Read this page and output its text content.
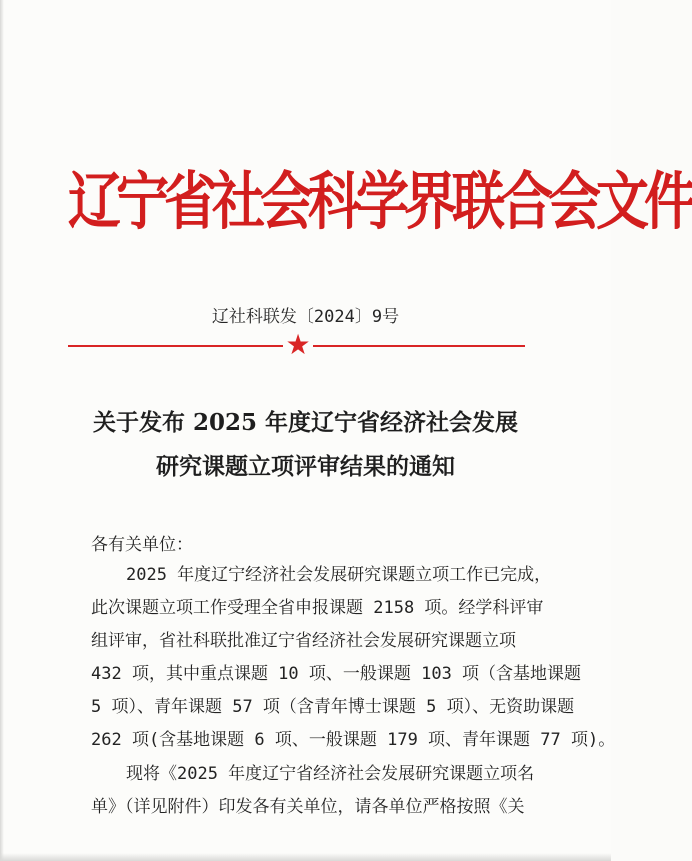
辽宁省社会科学界联合会文件
辽社科联发〔2024〕9号
★
关于发布 2025 年度辽宁省经济社会发展
研究课题立项评审结果的通知
各有关单位：
2025 年度辽宁经济社会发展研究课题立项工作已完成，
此次课题立项工作受理全省申报课题 2158 项。经学科评审
组评审，省社科联批准辽宁省经济社会发展研究课题立项
432 项，其中重点课题 10 项、一般课题 103 项（含基地课题
5 项）、青年课题 57 项（含青年博士课题 5 项）、无资助课题
262 项(含基地课题 6 项、一般课题 179 项、青年课题 77 项)。
现将《2025 年度辽宁省经济社会发展研究课题立项名
单》（详见附件）印发各有关单位，请各单位严格按照《关
